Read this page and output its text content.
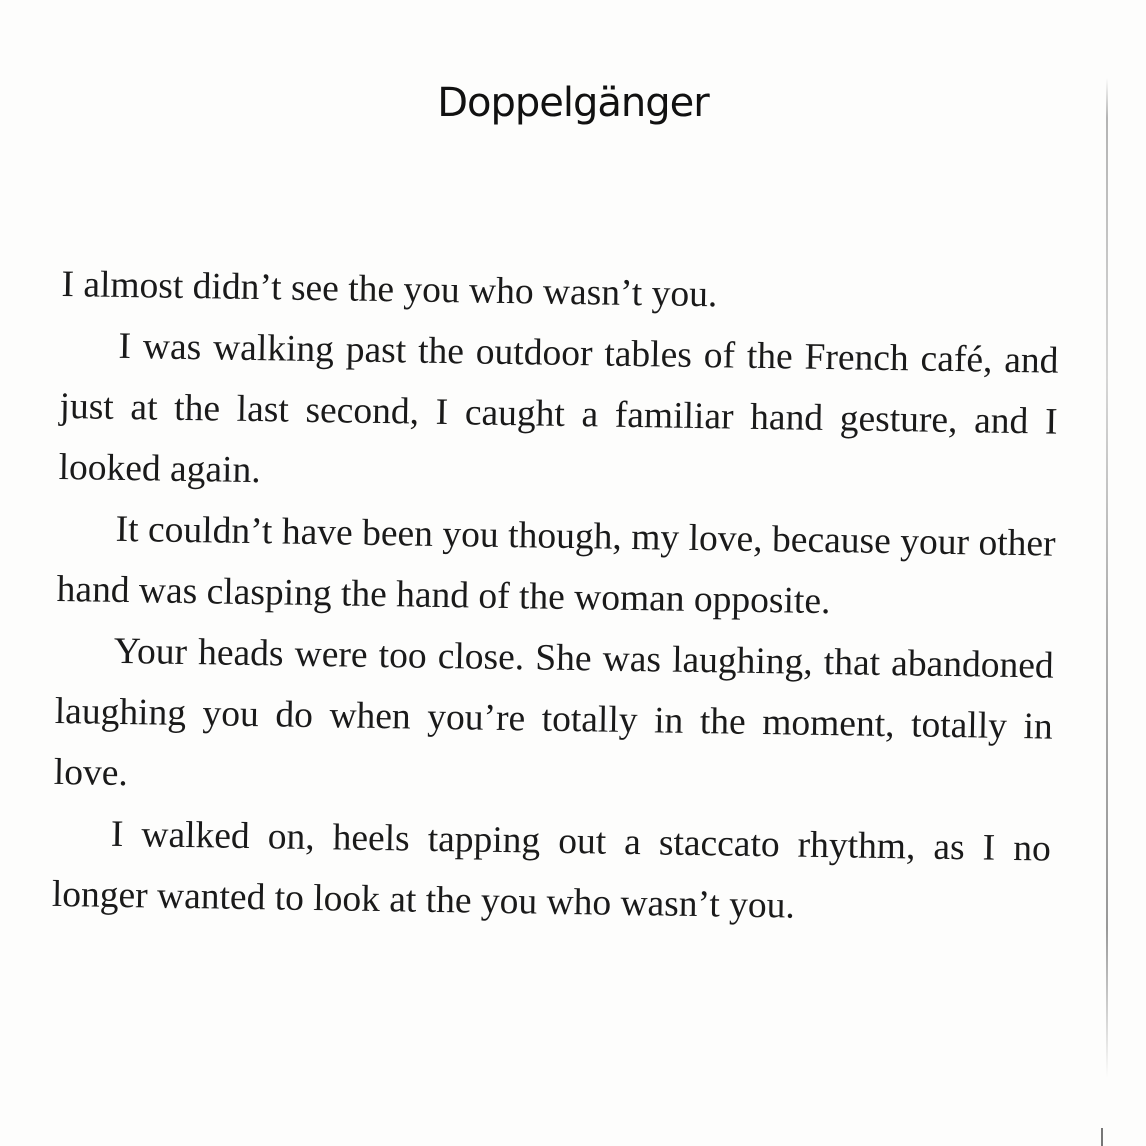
Doppelgänger

I almost didn’t see the you who wasn’t you.

I was walking past the outdoor tables of the French café, and just at the last second, I caught a familiar hand gesture, and I looked again.

It couldn’t have been you though, my love, because your other hand was clasping the hand of the woman opposite.

Your heads were too close. She was laughing, that abandoned laughing you do when you’re totally in the moment, totally in love.

I walked on, heels tapping out a staccato rhythm, as I no longer wanted to look at the you who wasn’t you.
